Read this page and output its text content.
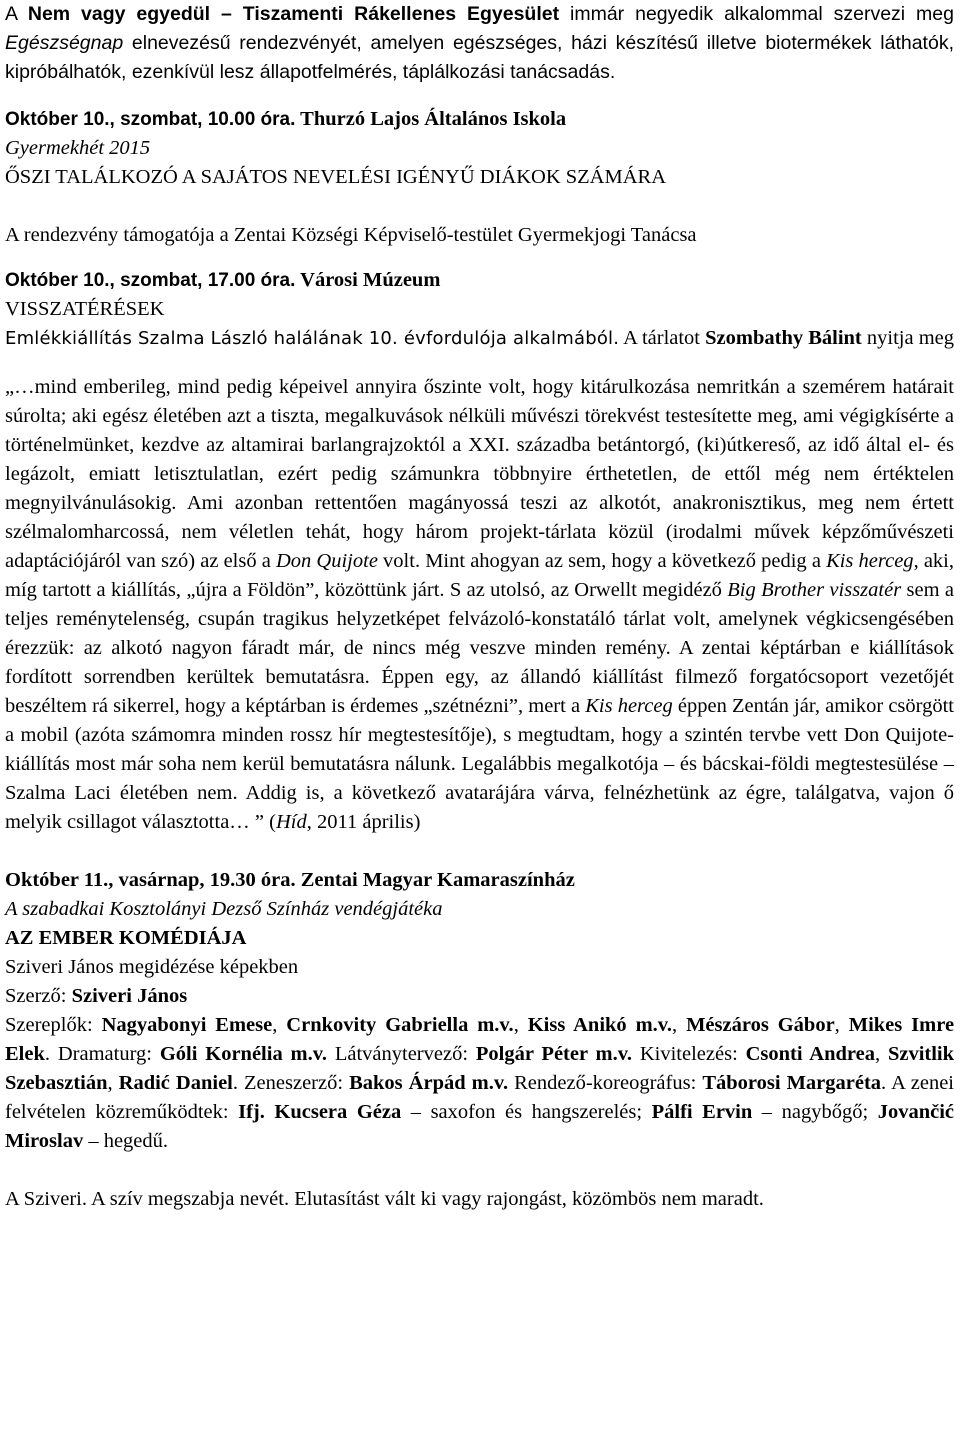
A Nem vagy egyedül – Tiszamenti Rákellenes Egyesület immár negyedik alkalommal szervezi meg Egészségnap elnevezésű rendezvényét, amelyen egészséges, házi készítésű illetve biotermékek láthatók, kipróbálhatók, ezenkívül lesz állapotfelmérés, táplálkozási tanácsadás.

Október 10., szombat, 10.00 óra. Thurzó Lajos Általános Iskola

Gyermekhét 2015

ŐSZI TALÁLKOZÓ A SAJÁTOS NEVELÉSI IGÉNYŰ DIÁKOK SZÁMÁRA

A rendezvény támogatója a Zentai Községi Képviselő-testület Gyermekjogi Tanácsa

Október 10., szombat, 17.00 óra. Városi Múzeum

VISSZATÉRÉSEK

Emlékkiállítás Szalma László halálának 10. évfordulója alkalmából. A tárlatot Szombathy Bálint nyitja meg

„…mind emberileg, mind pedig képeivel annyira őszinte volt, hogy kitárulkozása nemritkán a szemérem határait súrolta; aki egész életében azt a tiszta, megalkuvások nélküli művészi törekvést testesítette meg, ami végigkísérte a történelmünket, kezdve az altamirai barlangrajzoktól a XXI. századba betántorgó, (ki)útkereső, az idő által el- és legázolt, emiatt letisztulatlan, ezért pedig számunkra többnyire érthetetlen, de ettől még nem értéktelen megnyilvánulásokig. Ami azonban rettentően magányossá teszi az alkotót, anakronisztikus, meg nem értett szélmalomharcossá, nem véletlen tehát, hogy három projekt-tárlata közül (irodalmi művek képzőművészeti adaptációjáról van szó) az első a Don Quijote volt. Mint ahogyan az sem, hogy a következő pedig a Kis herceg, aki, míg tartott a kiállítás, „újra a Földön”, közöttünk járt. S az utolsó, az Orwellt megidéző Big Brother visszatér sem a teljes reménytelenség, csupán tragikus helyzetképet felvázoló-konstatáló tárlat volt, amelynek végkicsengésében érezzük: az alkotó nagyon fáradt már, de nincs még veszve minden remény. A zentai képtárban e kiállítások fordított sorrendben kerültek bemutatásra. Éppen egy, az állandó kiállítást filmező forgatócsoport vezetőjét beszéltem rá sikerrel, hogy a képtárban is érdemes „szétnézni”, mert a Kis herceg éppen Zentán jár, amikor csörgött a mobil (azóta számomra minden rossz hír megtestesítője), s megtudtam, hogy a szintén tervbe vett Don Quijote-kiállítás most már soha nem kerül bemutatásra nálunk. Legalábbis megalkotója – és bácskai-földi megtestesülése – Szalma Laci életében nem. Addig is, a következő avatarájára várva, felnézhetünk az égre, találgatva, vajon ő melyik csillagot választotta… ” (Híd, 2011 április)

Október 11., vasárnap, 19.30 óra. Zentai Magyar Kamaraszínház

A szabadkai Kosztolányi Dezső Színház vendégjátéka

AZ EMBER KOMÉDIÁJA

Sziveri János megidézése képekben

Szerző: Sziveri János

Szereplők: Nagyabonyi Emese, Crnkovity Gabriella m.v., Kiss Anikó m.v., Mészáros Gábor, Mikes Imre Elek. Dramaturg: Góli Kornélia m.v. Látványtervező: Polgár Péter m.v. Kivitelezés: Csonti Andrea, Szvitlik Szebasztián, Radić Daniel. Zeneszerző: Bakos Árpád m.v. Rendező-koreográfus: Táborosi Margaréta. A zenei felvételen közreműködtek: Ifj. Kucsera Géza – saxofon és hangszerelés; Pálfi Ervin – nagybőgő; Jovančić Miroslav – hegedű.

A Sziveri. A szív megszabja nevét. Elutasítást vált ki vagy rajongást, közömbös nem maradt.
